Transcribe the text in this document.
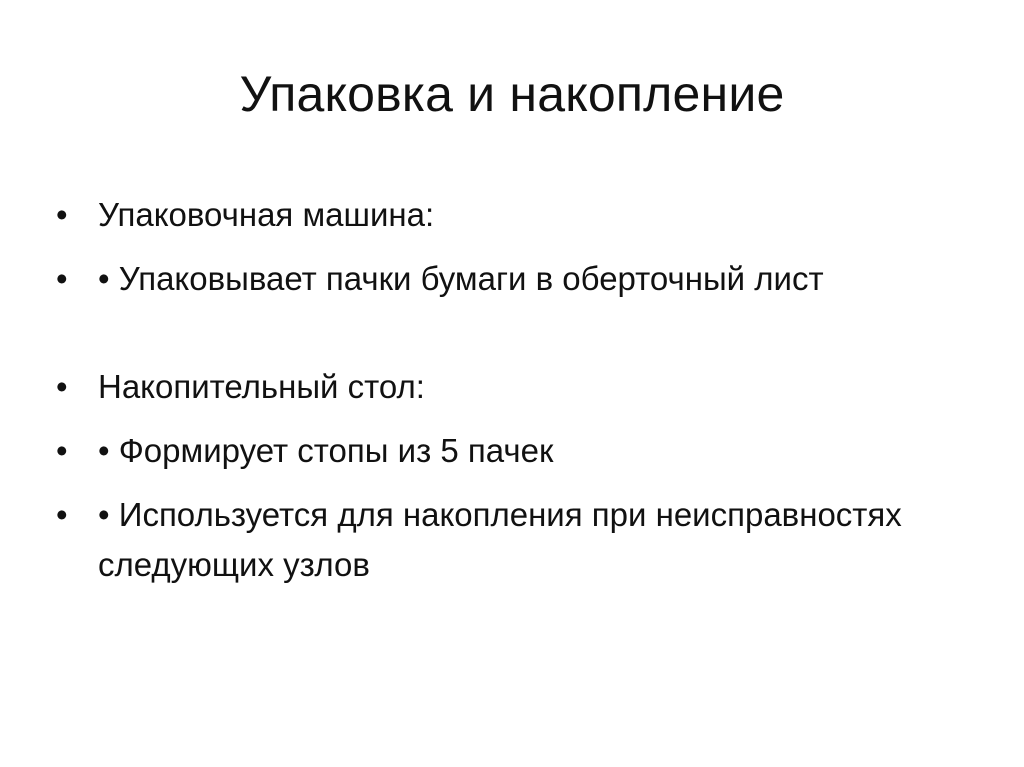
Упаковка и накопление
• Упаковочная машина:
• • Упаковывает пачки бумаги в оберточный лист
• Накопительный стол:
• • Формирует стопы из 5 пачек
• • Используется для накопления при неисправностях следующих узлов
